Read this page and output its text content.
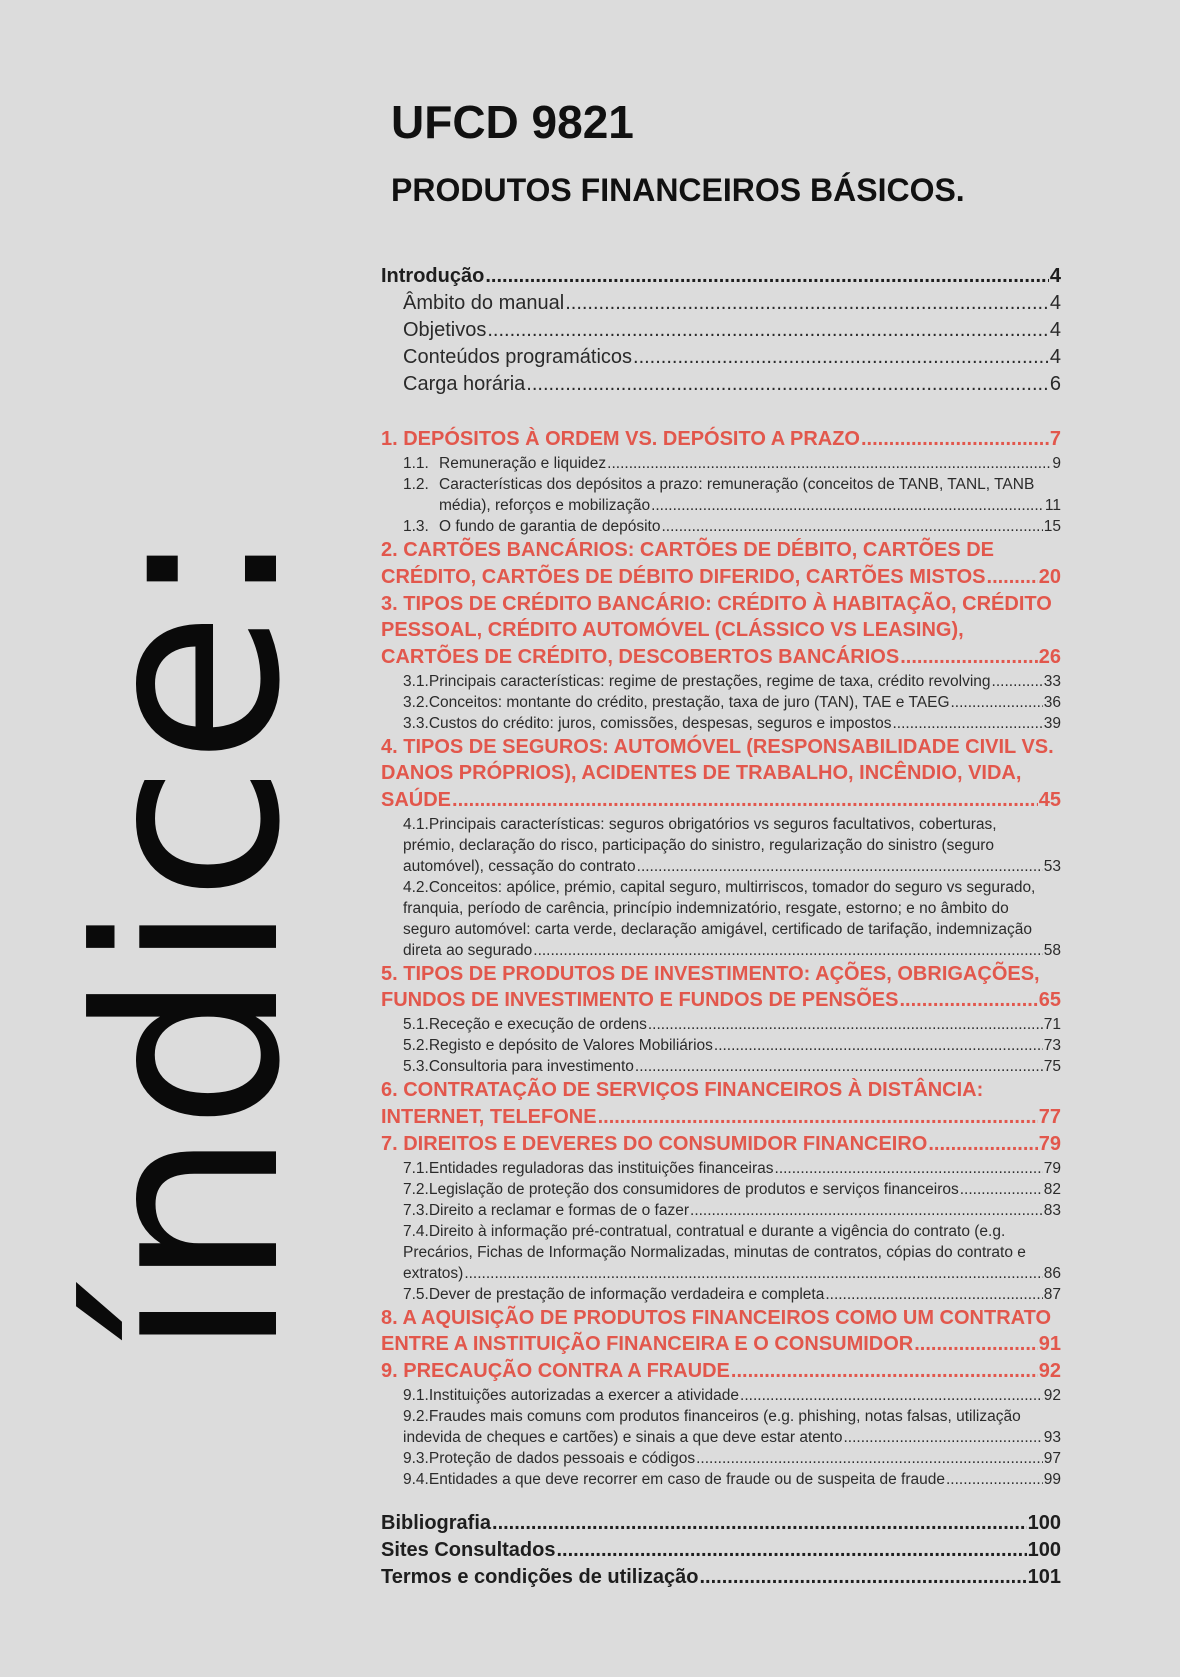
índice:
UFCD 9821
PRODUTOS FINANCEIROS BÁSICOS.
Introdução .....	4
Âmbito do manual .....	4
Objetivos .....	4
Conteúdos programáticos .....	4
Carga horária .....	6
1. DEPÓSITOS À ORDEM VS. DEPÓSITO A PRAZO .....	7
1.1. Remuneração e liquidez .....	9
1.2. Características dos depósitos a prazo: remuneração (conceitos de TANB, TANL, TANB
média), reforços e mobilização .....	11
1.3. O fundo de garantia de depósito .....	15
2. CARTÕES BANCÁRIOS: CARTÕES DE DÉBITO, CARTÕES DE
CRÉDITO, CARTÕES DE DÉBITO DIFERIDO, CARTÕES MISTOS .....	20
3. TIPOS DE CRÉDITO BANCÁRIO: CRÉDITO À HABITAÇÃO, CRÉDITO
PESSOAL, CRÉDITO AUTOMÓVEL (CLÁSSICO VS LEASING),
CARTÕES DE CRÉDITO, DESCOBERTOS BANCÁRIOS .....	26
3.1.Principais características: regime de prestações, regime de taxa, crédito revolving .....	33
3.2.Conceitos: montante do crédito, prestação, taxa de juro (TAN), TAE e TAEG .....	36
3.3.Custos do crédito: juros, comissões, despesas, seguros e impostos .....	39
4. TIPOS DE SEGUROS: AUTOMÓVEL (RESPONSABILIDADE CIVIL VS.
DANOS PRÓPRIOS), ACIDENTES DE TRABALHO, INCÊNDIO, VIDA,
SAÚDE .....	45
4.1.Principais características: seguros obrigatórios vs seguros facultativos, coberturas,
prémio, declaração do risco, participação do sinistro, regularização do sinistro (seguro
automóvel), cessação do contrato .....	53
4.2.Conceitos: apólice, prémio, capital seguro, multirriscos, tomador do seguro vs segurado,
franquia, período de carência, princípio indemnizatório, resgate, estorno; e no âmbito do
seguro automóvel: carta verde, declaração amigável, certificado de tarifação, indemnização
direta ao segurado .....	58
5. TIPOS DE PRODUTOS DE INVESTIMENTO: AÇÕES, OBRIGAÇÕES,
FUNDOS DE INVESTIMENTO E FUNDOS DE PENSÕES .....	65
5.1.Receção e execução de ordens .....	71
5.2.Registo e depósito de Valores Mobiliários .....	73
5.3.Consultoria para investimento .....	75
6. CONTRATAÇÃO DE SERVIÇOS FINANCEIROS À DISTÂNCIA:
INTERNET, TELEFONE .....	77
7. DIREITOS E DEVERES DO CONSUMIDOR FINANCEIRO .....	79
7.1.Entidades reguladoras das instituições financeiras .....	79
7.2.Legislação de proteção dos consumidores de produtos e serviços financeiros .....	82
7.3.Direito a reclamar e formas de o fazer .....	83
7.4.Direito à informação pré-contratual, contratual e durante a vigência do contrato (e.g.
Precários, Fichas de Informação Normalizadas, minutas de contratos, cópias do contrato e
extratos) .....	86
7.5.Dever de prestação de informação verdadeira e completa .....	87
8. A AQUISIÇÃO DE PRODUTOS FINANCEIROS COMO UM CONTRATO
ENTRE A INSTITUIÇÃO FINANCEIRA E O CONSUMIDOR .....	91
9. PRECAUÇÃO CONTRA A FRAUDE .....	92
9.1.Instituições autorizadas a exercer a atividade .....	92
9.2.Fraudes mais comuns com produtos financeiros (e.g. phishing, notas falsas, utilização
indevida de cheques e cartões) e sinais a que deve estar atento .....	93
9.3.Proteção de dados pessoais e códigos .....	97
9.4.Entidades a que deve recorrer em caso de fraude ou de suspeita de fraude .....	99
Bibliografia .....	100
Sites Consultados .....	100
Termos e condições de utilização .....	101
